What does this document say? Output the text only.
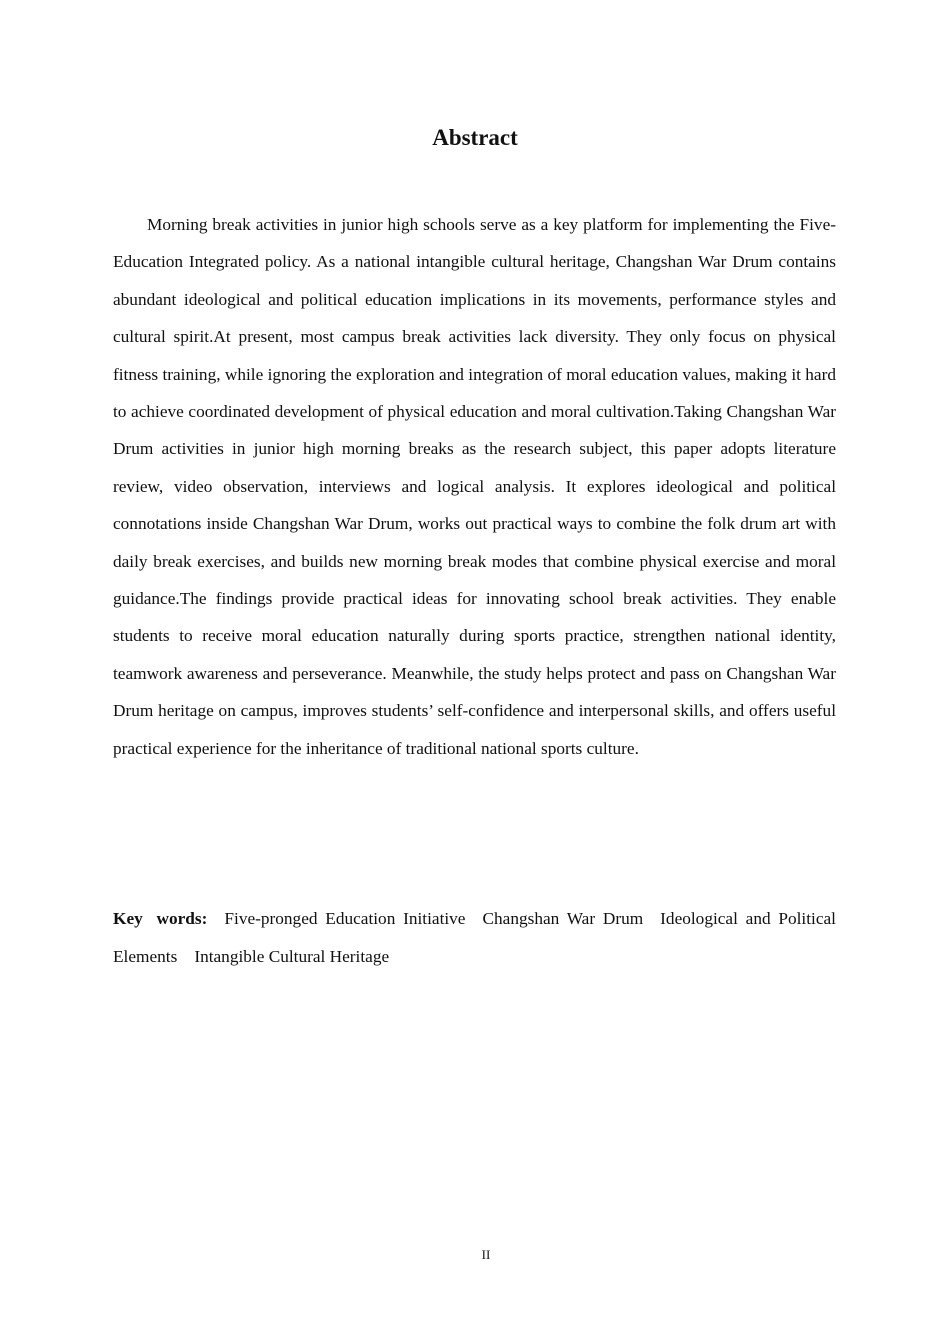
Abstract

Morning break activities in junior high schools serve as a key platform for implementing the Five-Education Integrated policy. As a national intangible cultural heritage, Changshan War Drum contains abundant ideological and political education implications in its movements, performance styles and cultural spirit.At present, most campus break activities lack diversity. They only focus on physical fitness training, while ignoring the exploration and integration of moral education values, making it hard to achieve coordinated development of physical education and moral cultivation.Taking Changshan War Drum activities in junior high morning breaks as the research subject, this paper adopts literature review, video observation, interviews and logical analysis. It explores ideological and political connotations inside Changshan War Drum, works out practical ways to combine the folk drum art with daily break exercises, and builds new morning break modes that combine physical exercise and moral guidance.The findings provide practical ideas for innovating school break activities. They enable students to receive moral education naturally during sports practice, strengthen national identity, teamwork awareness and perseverance. Meanwhile, the study helps protect and pass on Changshan War Drum heritage on campus, improves students’ self-confidence and interpersonal skills, and offers useful practical experience for the inheritance of traditional national sports culture.

Key words: Five-pronged Education Initiative Changshan War Drum Ideological and Political Elements Intangible Cultural Heritage

II
